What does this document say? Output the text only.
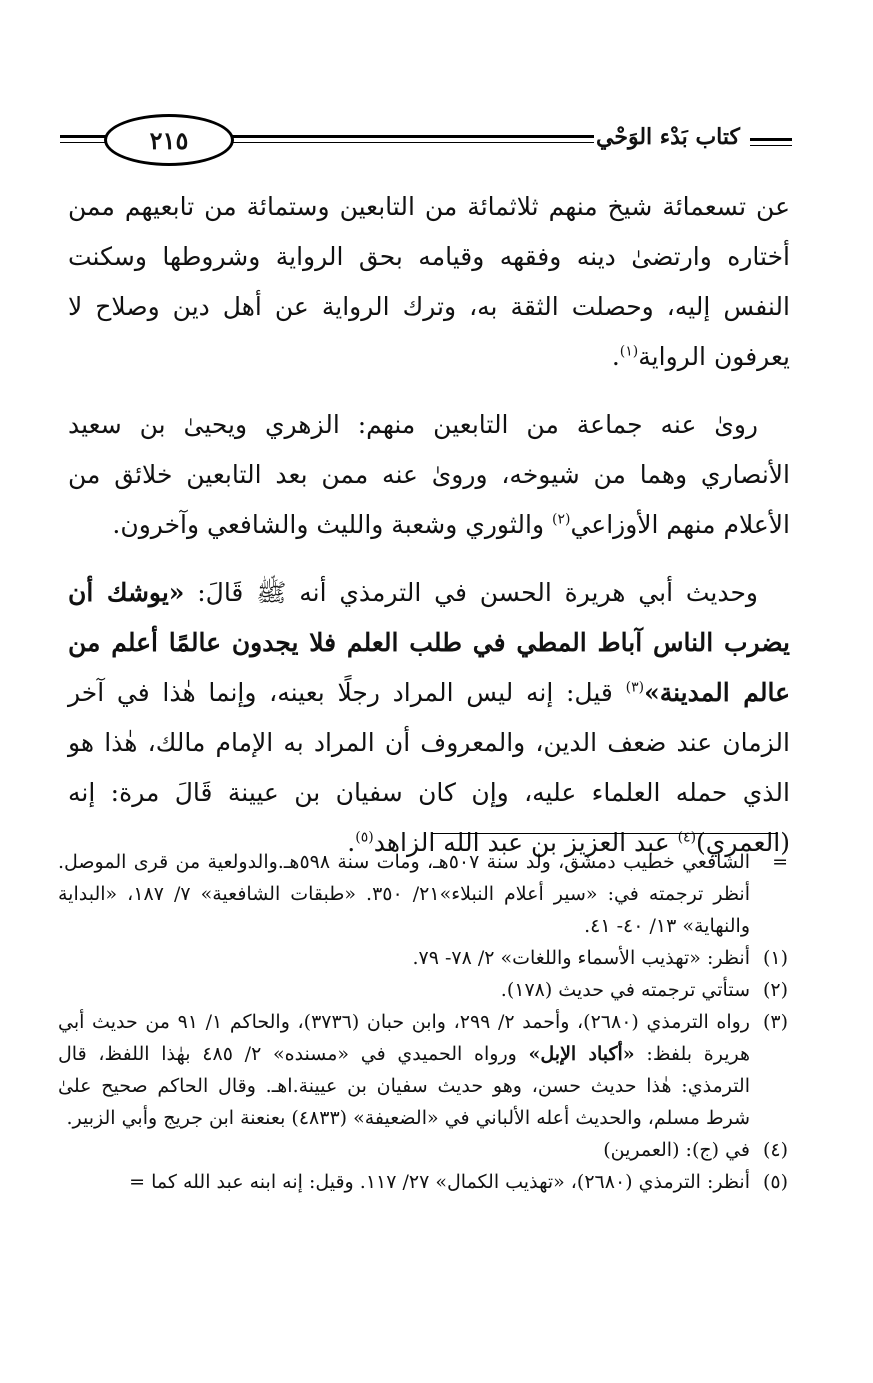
٢١٥	كتاب بَدْء الوَحْي

عن تسعمائة شيخ منهم ثلاثمائة من التابعين وستمائة من تابعيهم ممن أختاره وارتضىٰ دينه وفقهه وقيامه بحق الرواية وشروطها وسكنت النفس إليه، وحصلت الثقة به، وترك الرواية عن أهل دين وصلاح لا يعرفون الرواية$^{(١)}$.

رویٰ عنه جماعة من التابعين منهم: الزهري ويحيىٰ بن سعيد الأنصاري وهما من شيوخه، وروىٰ عنه ممن بعد التابعين خلائق من الأعلام منهم الأوزاعي$^{(٢)}$ والثوري وشعبة والليث والشافعي وآخرون.

وحديث أبي هريرة الحسن في الترمذي أنه ﷺ قَالَ: «يوشك أن يضرب الناس آباط المطي في طلب العلم فلا يجدون عالمًا أعلم من عالم المدينة»$^{(٣)}$ قيل: إنه ليس المراد رجلًا بعينه، وإنما هٰذا في آخر الزمان عند ضعف الدين، والمعروف أن المراد به الإمام مالك، هٰذا هو الذي حمله العلماء عليه، وإن كان سفيان بن عيينة قَالَ مرة: إنه (العمري)$^{(٤)}$ عبد العزيز بن عبد الله الزاهد$^{(٥)}$.

=
الشافعي خطيب دمشق، ولد سنة ٥٠٧هـ، ومات سنة ٥٩٨هـ.والدولعية من قرى الموصل. أنظر ترجمته في: «سير أعلام النبلاء»٢١/ ٣٥٠. «طبقات الشافعية» ٧/ ١٨٧، «البداية والنهاية» ١٣/ ٤٠- ٤١.
(١)
أنظر: «تهذيب الأسماء واللغات» ٢/ ٧٨- ٧٩.
(٢)
ستأتي ترجمته في حديث (١٧٨).
(٣)
رواه الترمذي (٢٦٨٠)، وأحمد ٢/ ٢٩٩، وابن حبان (٣٧٣٦)، والحاكم ١/ ٩١ من حديث أبي هريرة بلفظ: «أكباد الإبل» ورواه الحميدي في «مسنده» ٢/ ٤٨٥ بهٰذا اللفظ، قال الترمذي: هٰذا حديث حسن، وهو حديث سفيان بن عيينة.اهـ. وقال الحاكم صحيح علىٰ شرط مسلم، والحديث أعله الألباني في «الضعيفة» (٤٨٣٣) بعنعنة ابن جريج وأبي الزبير.
(٤)
في (ج): (العمرين)
(٥)
أنظر: الترمذي (٢٦٨٠)، «تهذيب الكمال» ٢٧/ ١١٧. وقيل: إنه ابنه عبد الله كما =
